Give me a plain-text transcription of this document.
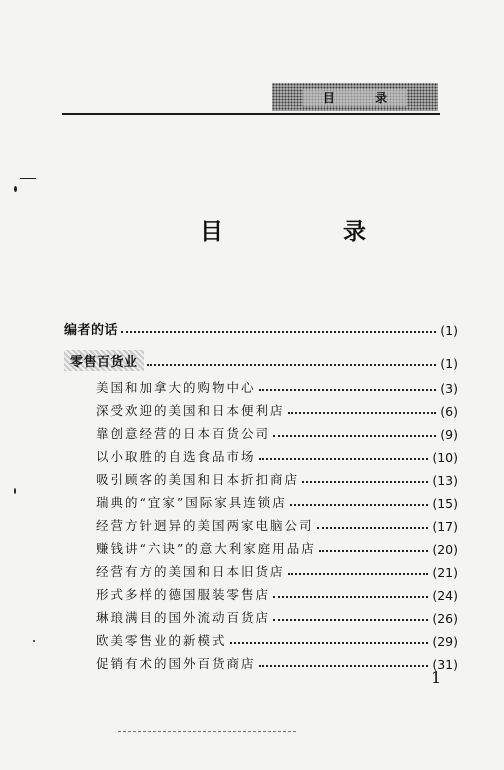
目 录
目 录
编者的话	(1)
零售百货业	(1)
美国和加拿大的购物中心	(3)
深受欢迎的美国和日本便利店	(6)
靠创意经营的日本百货公司	(9)
以小取胜的自选食品市场	(10)
吸引顾客的美国和日本折扣商店	(13)
瑞典的“宜家”国际家具连锁店	(15)
经营方针迥异的美国两家电脑公司	(17)
赚钱讲“六诀”的意大利家庭用品店	(20)
经营有方的美国和日本旧货店	(21)
形式多样的德国服装零售店	(24)
琳琅满目的国外流动百货店	(26)
欧美零售业的新模式	(29)
促销有术的国外百货商店	(31)
1
